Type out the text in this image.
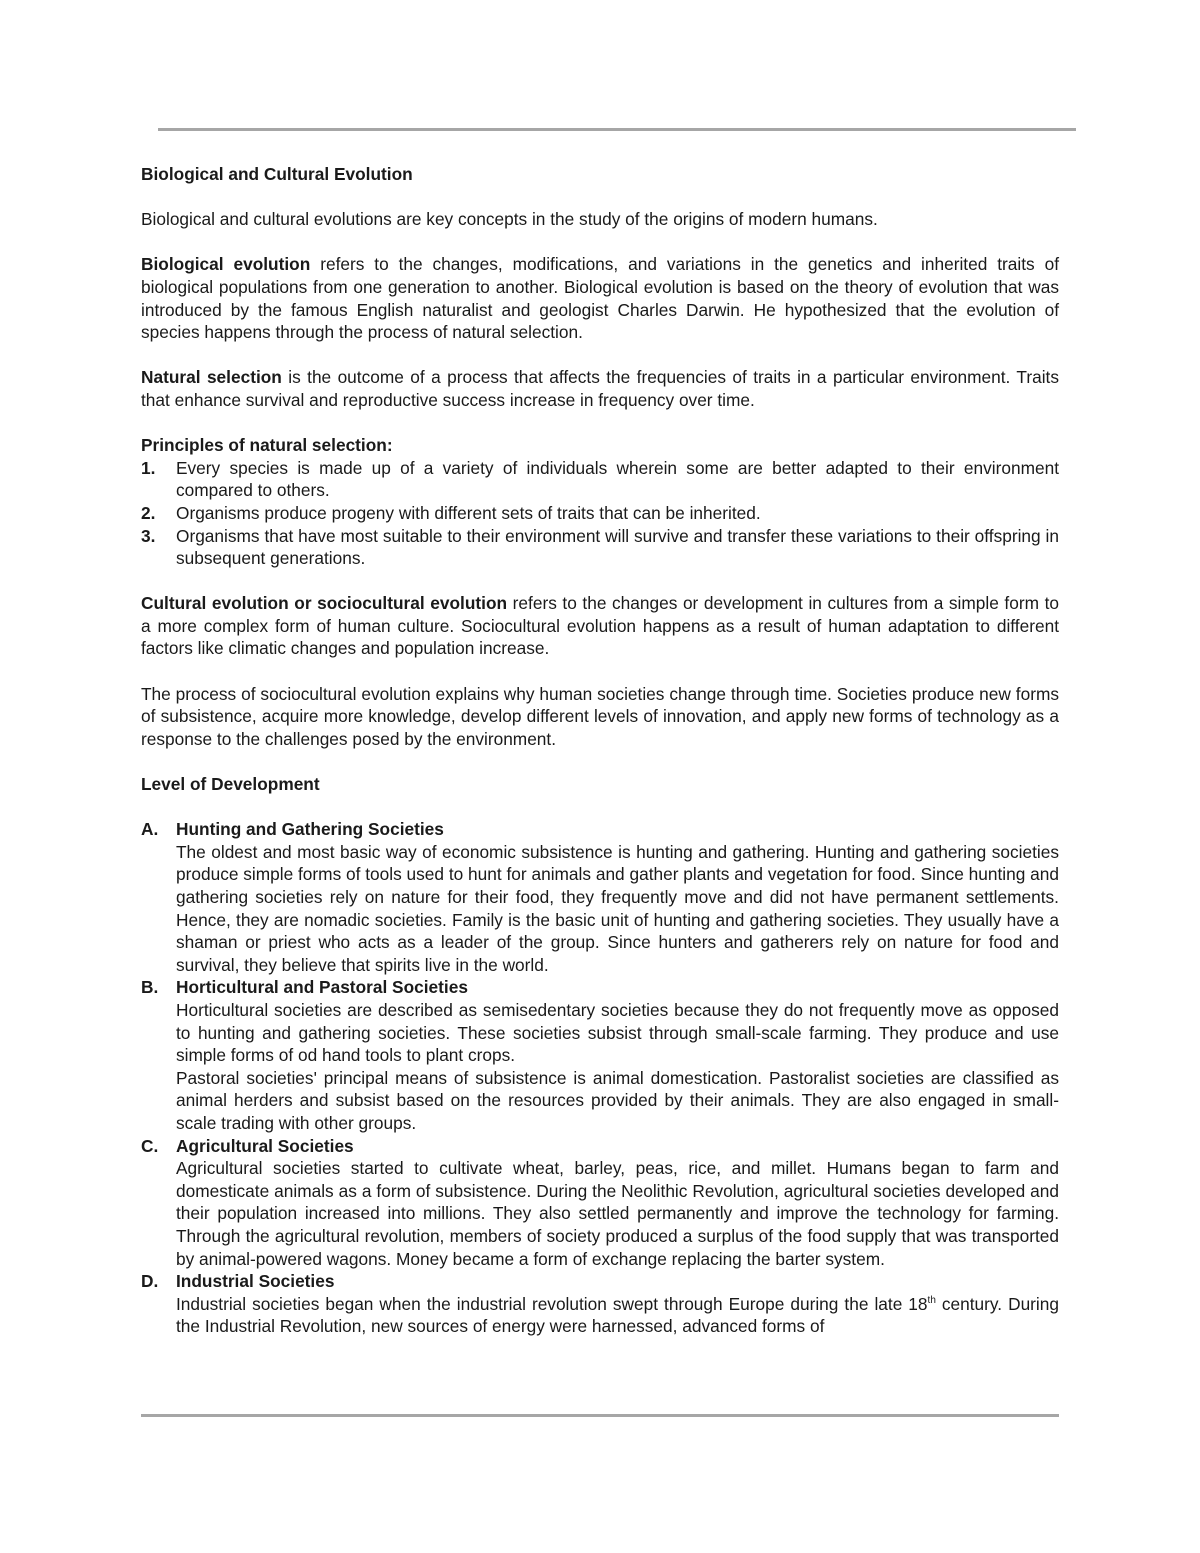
Biological and Cultural Evolution

Biological and cultural evolutions are key concepts in the study of the origins of modern humans.

Biological evolution refers to the changes, modifications, and variations in the genetics and inherited traits of biological populations from one generation to another. Biological evolution is based on the theory of evolution that was introduced by the famous English naturalist and geologist Charles Darwin. He hypothesized that the evolution of species happens through the process of natural selection.

Natural selection is the outcome of a process that affects the frequencies of traits in a particular environment. Traits that enhance survival and reproductive success increase in frequency over time.

Principles of natural selection:

1. Every species is made up of a variety of individuals wherein some are better adapted to their environment compared to others.
2. Organisms produce progeny with different sets of traits that can be inherited.
3. Organisms that have most suitable to their environment will survive and transfer these variations to their offspring in subsequent generations.

Cultural evolution or sociocultural evolution refers to the changes or development in cultures from a simple form to a more complex form of human culture. Sociocultural evolution happens as a result of human adaptation to different factors like climatic changes and population increase.

The process of sociocultural evolution explains why human societies change through time. Societies produce new forms of subsistence, acquire more knowledge, develop different levels of innovation, and apply new forms of technology as a response to the challenges posed by the environment.

Level of Development

A. Hunting and Gathering Societies

The oldest and most basic way of economic subsistence is hunting and gathering. Hunting and gathering societies produce simple forms of tools used to hunt for animals and gather plants and vegetation for food. Since hunting and gathering societies rely on nature for their food, they frequently move and did not have permanent settlements. Hence, they are nomadic societies. Family is the basic unit of hunting and gathering societies. They usually have a shaman or priest who acts as a leader of the group. Since hunters and gatherers rely on nature for food and survival, they believe that spirits live in the world.

B. Horticultural and Pastoral Societies

Horticultural societies are described as semisedentary societies because they do not frequently move as opposed to hunting and gathering societies. These societies subsist through small-scale farming. They produce and use simple forms of od hand tools to plant crops.

Pastoral societies' principal means of subsistence is animal domestication. Pastoralist societies are classified as animal herders and subsist based on the resources provided by their animals. They are also engaged in small-scale trading with other groups.

C. Agricultural Societies

Agricultural societies started to cultivate wheat, barley, peas, rice, and millet. Humans began to farm and domesticate animals as a form of subsistence. During the Neolithic Revolution, agricultural societies developed and their population increased into millions. They also settled permanently and improve the technology for farming. Through the agricultural revolution, members of society produced a surplus of the food supply that was transported by animal-powered wagons. Money became a form of exchange replacing the barter system.

D. Industrial Societies

Industrial societies began when the industrial revolution swept through Europe during the late 18th century. During the Industrial Revolution, new sources of energy were harnessed, advanced forms of
